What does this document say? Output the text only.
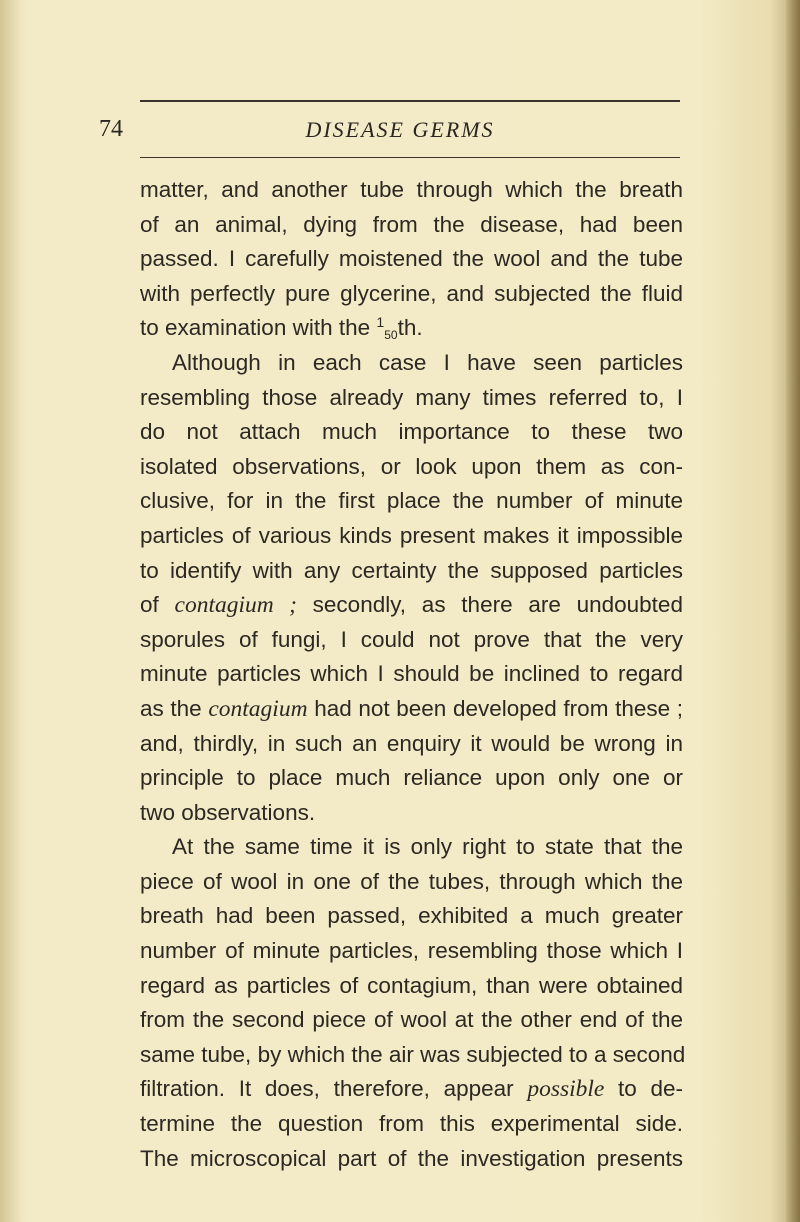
74	DISEASE GERMS
matter, and another tube through which the breath
of an animal, dying from the disease, had been
passed. I carefully moistened the wool and the tube
with perfectly pure glycerine, and subjected the fluid
to examination with the $^1$50th.
Although in each case I have seen particles
resembling those already many times referred to, I
do not attach much importance to these two
isolated observations, or look upon them as con-
clusive, for in the first place the number of minute
particles of various kinds present makes it impossible
to identify with any certainty the supposed particles
of contagium ; secondly, as there are undoubted
sporules of fungi, I could not prove that the very
minute particles which I should be inclined to regard
as the contagium had not been developed from these ;
and, thirdly, in such an enquiry it would be wrong in
principle to place much reliance upon only one or
two observations.
At the same time it is only right to state that the
piece of wool in one of the tubes, through which the
breath had been passed, exhibited a much greater
number of minute particles, resembling those which I
regard as particles of contagium, than were obtained
from the second piece of wool at the other end of the
same tube, by which the air was subjected to a second
filtration. It does, therefore, appear possible to de-
termine the question from this experimental side.
The microscopical part of the investigation presents
